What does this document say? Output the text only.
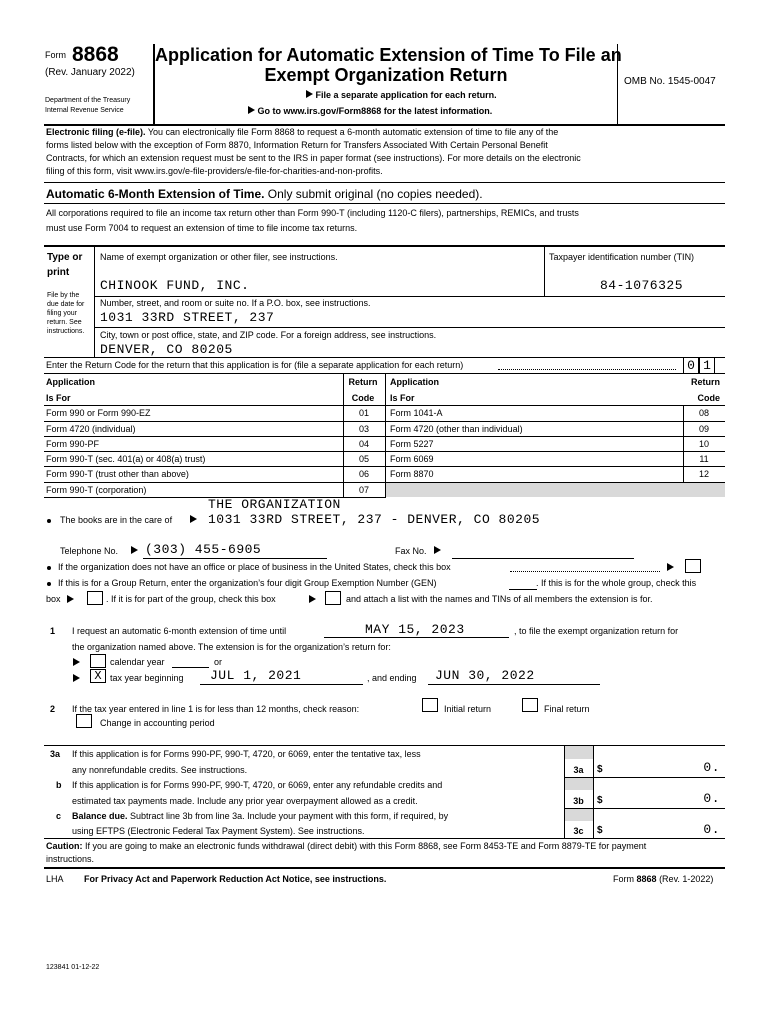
Form 8868
(Rev. January 2022)
Department of the Treasury
Internal Revenue Service
Application for Automatic Extension of Time To File an
Exempt Organization Return
File a separate application for each return.
Go to www.irs.gov/Form8868 for the latest information.
OMB No. 1545-0047
Electronic filing (e-file). You can electronically file Form 8868 to request a 6-month automatic extension of time to file any of the
forms listed below with the exception of Form 8870, Information Return for Transfers Associated With Certain Personal Benefit
Contracts, for which an extension request must be sent to the IRS in paper format (see instructions). For more details on the electronic
filing of this form, visit www.irs.gov/e-file-providers/e-file-for-charities-and-non-profits.
Automatic 6-Month Extension of Time. Only submit original (no copies needed).
All corporations required to file an income tax return other than Form 990-T (including 1120-C filers), partnerships, REMICs, and trusts
must use Form 7004 to request an extension of time to file income tax returns.
Type or
print
File by the
due date for
filing your
return. See
instructions.
Name of exempt organization or other filer, see instructions.
CHINOOK FUND, INC.
Taxpayer identification number (TIN)
84-1076325
Number, street, and room or suite no. If a P.O. box, see instructions.
1031 33RD STREET, 237
City, town or post office, state, and ZIP code. For a foreign address, see instructions.
DENVER, CO 80205
Enter the Return Code for the return that this application is for (file a separate application for each return)	0 1
Application
Is For
Return
Code
Application
Is For
Return
Code
Form 990 or Form 990-EZ	01
Form 4720 (individual)	03
Form 990-PF	04
Form 990-T (sec. 401(a) or 408(a) trust)	05
Form 990-T (trust other than above)	06
Form 990-T (corporation)	07
Form 1041-A	08
Form 4720 (other than individual)	09
Form 5227	10
Form 6069	11
Form 8870	12
THE ORGANIZATION
The books are in the care of	1031 33RD STREET, 237 - DENVER, CO 80205
Telephone No. (303) 455-6905	Fax No.
If the organization does not have an office or place of business in the United States, check this box
If this is for a Group Return, enter the organization’s four digit Group Exemption Number (GEN)	. If this is for the whole group, check this
box	. If it is for part of the group, check this box	and attach a list with the names and TINs of all members the extension is for.
1 I request an automatic 6-month extension of time until	MAY 15, 2023	, to file the exempt organization return for
the organization named above. The extension is for the organization’s return for:
calendar year	or
X tax year beginning JUL 1, 2021	, and ending JUN 30, 2022
2 If the tax year entered in line 1 is for less than 12 months, check reason:	Initial return	Final return
Change in accounting period
3a If this application is for Forms 990-PF, 990-T, 4720, or 6069, enter the tentative tax, less
any nonrefundable credits. See instructions.	3a	$	0.
b If this application is for Forms 990-PF, 990-T, 4720, or 6069, enter any refundable credits and
estimated tax payments made. Include any prior year overpayment allowed as a credit.	3b	$	0.
c Balance due. Subtract line 3b from line 3a. Include your payment with this form, if required, by
using EFTPS (Electronic Federal Tax Payment System). See instructions.	3c	$	0.
Caution: If you are going to make an electronic funds withdrawal (direct debit) with this Form 8868, see Form 8453-TE and Form 8879-TE for payment
instructions.
LHA For Privacy Act and Paperwork Reduction Act Notice, see instructions.	Form 8868 (Rev. 1-2022)
123841 01-12-22
